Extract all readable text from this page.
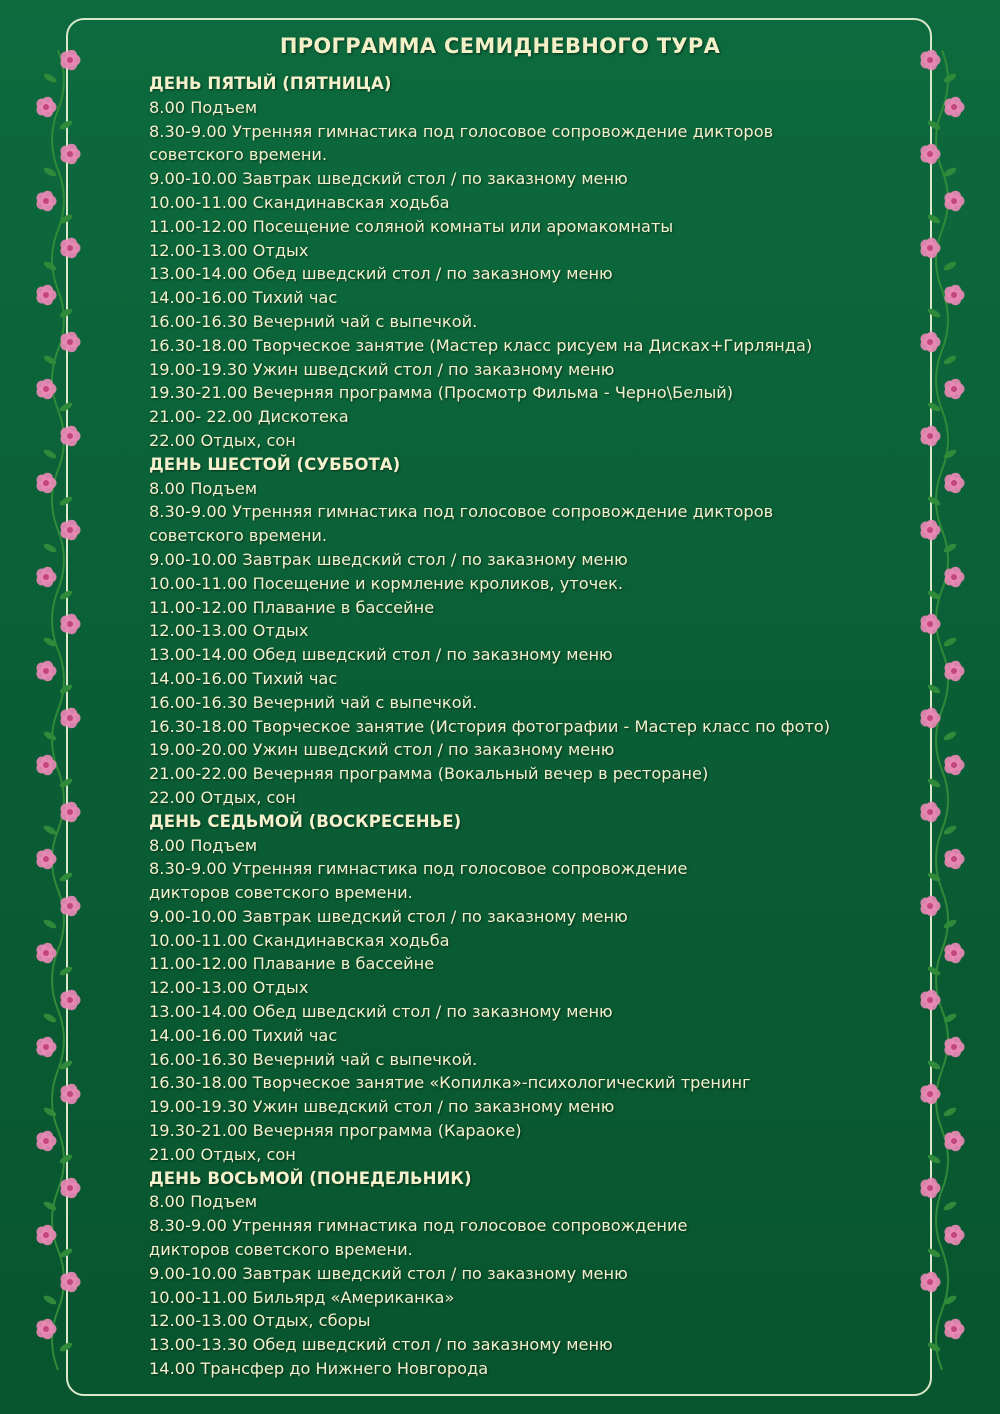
ПРОГРАММА СЕМИДНЕВНОГО ТУРА
ДЕНЬ ПЯТЫЙ (ПЯТНИЦА)
8.00 Подъем
8.30-9.00 Утренняя гимнастика под голосовое сопровождение дикторов
советского времени.
9.00-10.00 Завтрак шведский стол / по заказному меню
10.00-11.00 Скандинавская ходьба
11.00-12.00 Посещение соляной комнаты или аромакомнаты
12.00-13.00 Отдых
13.00-14.00 Обед шведский стол / по заказному меню
14.00-16.00 Тихий час
16.00-16.30 Вечерний чай с выпечкой.
16.30-18.00 Творческое занятие (Мастер класс рисуем на Дисках+Гирлянда)
19.00-19.30 Ужин шведский стол / по заказному меню
19.30-21.00 Вечерняя программа (Просмотр Фильма - Черно\Белый)
21.00- 22.00 Дискотека
22.00 Отдых, сон
ДЕНЬ ШЕСТОЙ (СУББОТА)
8.00 Подъем
8.30-9.00 Утренняя гимнастика под голосовое сопровождение дикторов
советского времени.
9.00-10.00 Завтрак шведский стол / по заказному меню
10.00-11.00 Посещение и кормление кроликов, уточек.
11.00-12.00 Плавание в бассейне
12.00-13.00 Отдых
13.00-14.00 Обед шведский стол / по заказному меню
14.00-16.00 Тихий час
16.00-16.30 Вечерний чай с выпечкой.
16.30-18.00 Творческое занятие (История фотографии - Мастер класс по фото)
19.00-20.00 Ужин шведский стол / по заказному меню
21.00-22.00 Вечерняя программа (Вокальный вечер в ресторане)
22.00 Отдых, сон
ДЕНЬ СЕДЬМОЙ (ВОСКРЕСЕНЬЕ)
8.00 Подъем
8.30-9.00 Утренняя гимнастика под голосовое сопровождение
дикторов советского времени.
9.00-10.00 Завтрак шведский стол / по заказному меню
10.00-11.00 Скандинавская ходьба
11.00-12.00 Плавание в бассейне
12.00-13.00 Отдых
13.00-14.00 Обед шведский стол / по заказному меню
14.00-16.00 Тихий час
16.00-16.30 Вечерний чай с выпечкой.
16.30-18.00 Творческое занятие «Копилка»-психологический тренинг
19.00-19.30 Ужин шведский стол / по заказному меню
19.30-21.00 Вечерняя программа (Караоке)
21.00 Отдых, сон
ДЕНЬ ВОСЬМОЙ (ПОНЕДЕЛЬНИК)
8.00 Подъем
8.30-9.00 Утренняя гимнастика под голосовое сопровождение
дикторов советского времени.
9.00-10.00 Завтрак шведский стол / по заказному меню
10.00-11.00 Бильярд «Американка»
12.00-13.00 Отдых, сборы
13.00-13.30 Обед шведский стол / по заказному меню
14.00 Трансфер до Нижнего Новгорода
